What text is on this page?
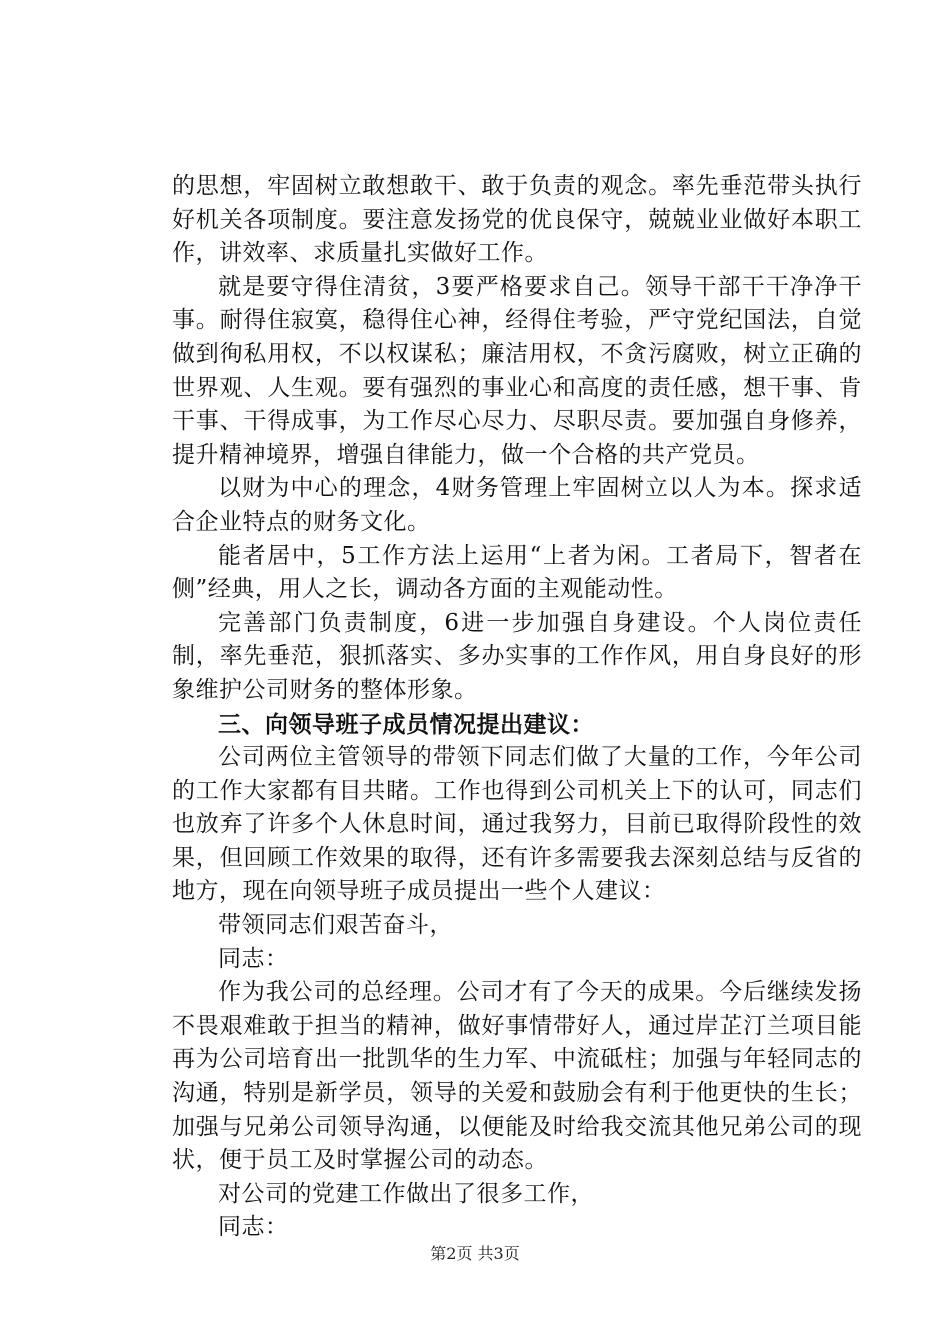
的思想，牢固树立敢想敢干、敢于负责的观念。率先垂范带头执行好机关各项制度。要注意发扬党的优良保守，兢兢业业做好本职工作，讲效率、求质量扎实做好工作。

就是要守得住清贫，3要严格要求自己。领导干部干干净净干事。耐得住寂寞，稳得住心神，经得住考验，严守党纪国法，自觉做到徇私用权，不以权谋私；廉洁用权，不贪污腐败，树立正确的世界观、人生观。要有强烈的事业心和高度的责任感，想干事、肯干事、干得成事，为工作尽心尽力、尽职尽责。要加强自身修养，提升精神境界，增强自律能力，做一个合格的共产党员。

以财为中心的理念，4财务管理上牢固树立以人为本。探求适合企业特点的财务文化。

能者居中，5工作方法上运用“上者为闲。工者局下，智者在侧”经典，用人之长，调动各方面的主观能动性。

完善部门负责制度，6进一步加强自身建设。个人岗位责任制，率先垂范，狠抓落实、多办实事的工作作风，用自身良好的形象维护公司财务的整体形象。

三、向领导班子成员情况提出建议：

公司两位主管领导的带领下同志们做了大量的工作，今年公司的工作大家都有目共睹。工作也得到公司机关上下的认可，同志们也放弃了许多个人休息时间，通过我努力，目前已取得阶段性的效果，但回顾工作效果的取得，还有许多需要我去深刻总结与反省的地方，现在向领导班子成员提出一些个人建议：

带领同志们艰苦奋斗，

同志：

作为我公司的总经理。公司才有了今天的成果。今后继续发扬不畏艰难敢于担当的精神，做好事情带好人，通过岸芷汀兰项目能再为公司培育出一批凯华的生力军、中流砥柱；加强与年轻同志的沟通，特别是新学员，领导的关爱和鼓励会有利于他更快的生长；加强与兄弟公司领导沟通，以便能及时给我交流其他兄弟公司的现状，便于员工及时掌握公司的动态。

对公司的党建工作做出了很多工作，

同志：

第2页 共3页
